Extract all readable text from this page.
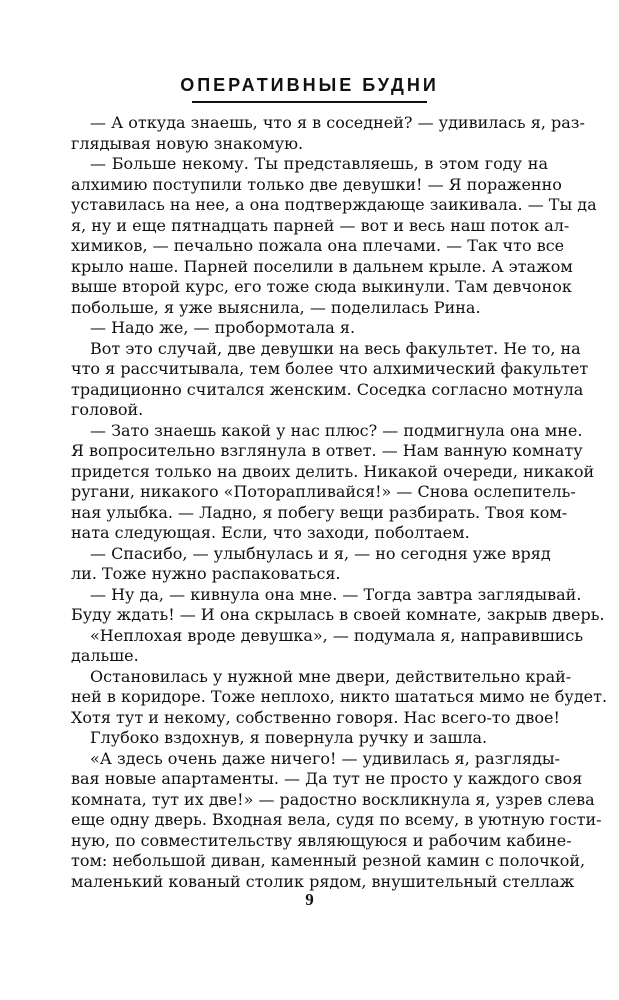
ОПЕРАТИВНЫЕ БУДНИ
— А откуда знаешь, что я в соседней? — удивилась я, раз-
глядывая новую знакомую.
— Больше некому. Ты представляешь, в этом году на
алхимию поступили только две девушки! — Я пораженно
уставилась на нее, а она подтверждающе заикивала. — Ты да
я, ну и еще пятнадцать парней — вот и весь наш поток ал-
химиков, — печально пожала она плечами. — Так что все
крыло наше. Парней поселили в дальнем крыле. А этажом
выше второй курс, его тоже сюда выкинули. Там девчонок
побольше, я уже выяснила, — поделилась Рина.
— Надо же, — пробормотала я.
Вот это случай, две девушки на весь факультет. Не то, на
что я рассчитывала, тем более что алхимический факультет
традиционно считался женским. Соседка согласно мотнула
головой.
— Зато знаешь какой у нас плюс? — подмигнула она мне.
Я вопросительно взглянула в ответ. — Нам ванную комнату
придется только на двоих делить. Никакой очереди, никакой
ругани, никакого «Поторапливайся!» — Снова ослепитель-
ная улыбка. — Ладно, я побегу вещи разбирать. Твоя ком-
ната следующая. Если, что заходи, поболтаем.
— Спасибо, — улыбнулась и я, — но сегодня уже вряд
ли. Тоже нужно распаковаться.
— Ну да, — кивнула она мне. — Тогда завтра заглядывай.
Буду ждать! — И она скрылась в своей комнате, закрыв дверь.
«Неплохая вроде девушка», — подумала я, направившись
дальше.
Остановилась у нужной мне двери, действительно край-
ней в коридоре. Тоже неплохо, никто шататься мимо не будет.
Хотя тут и некому, собственно говоря. Нас всего-то двое!
Глубоко вздохнув, я повернула ручку и зашла.
«А здесь очень даже ничего! — удивилась я, разгляды-
вая новые апартаменты. — Да тут не просто у каждого своя
комната, тут их две!» — радостно воскликнула я, узрев слева
еще одну дверь. Входная вела, судя по всему, в уютную гости-
ную, по совместительству являющуюся и рабочим кабине-
том: небольшой диван, каменный резной камин с полочкой,
маленький кованый столик рядом, внушительный стеллаж
9
